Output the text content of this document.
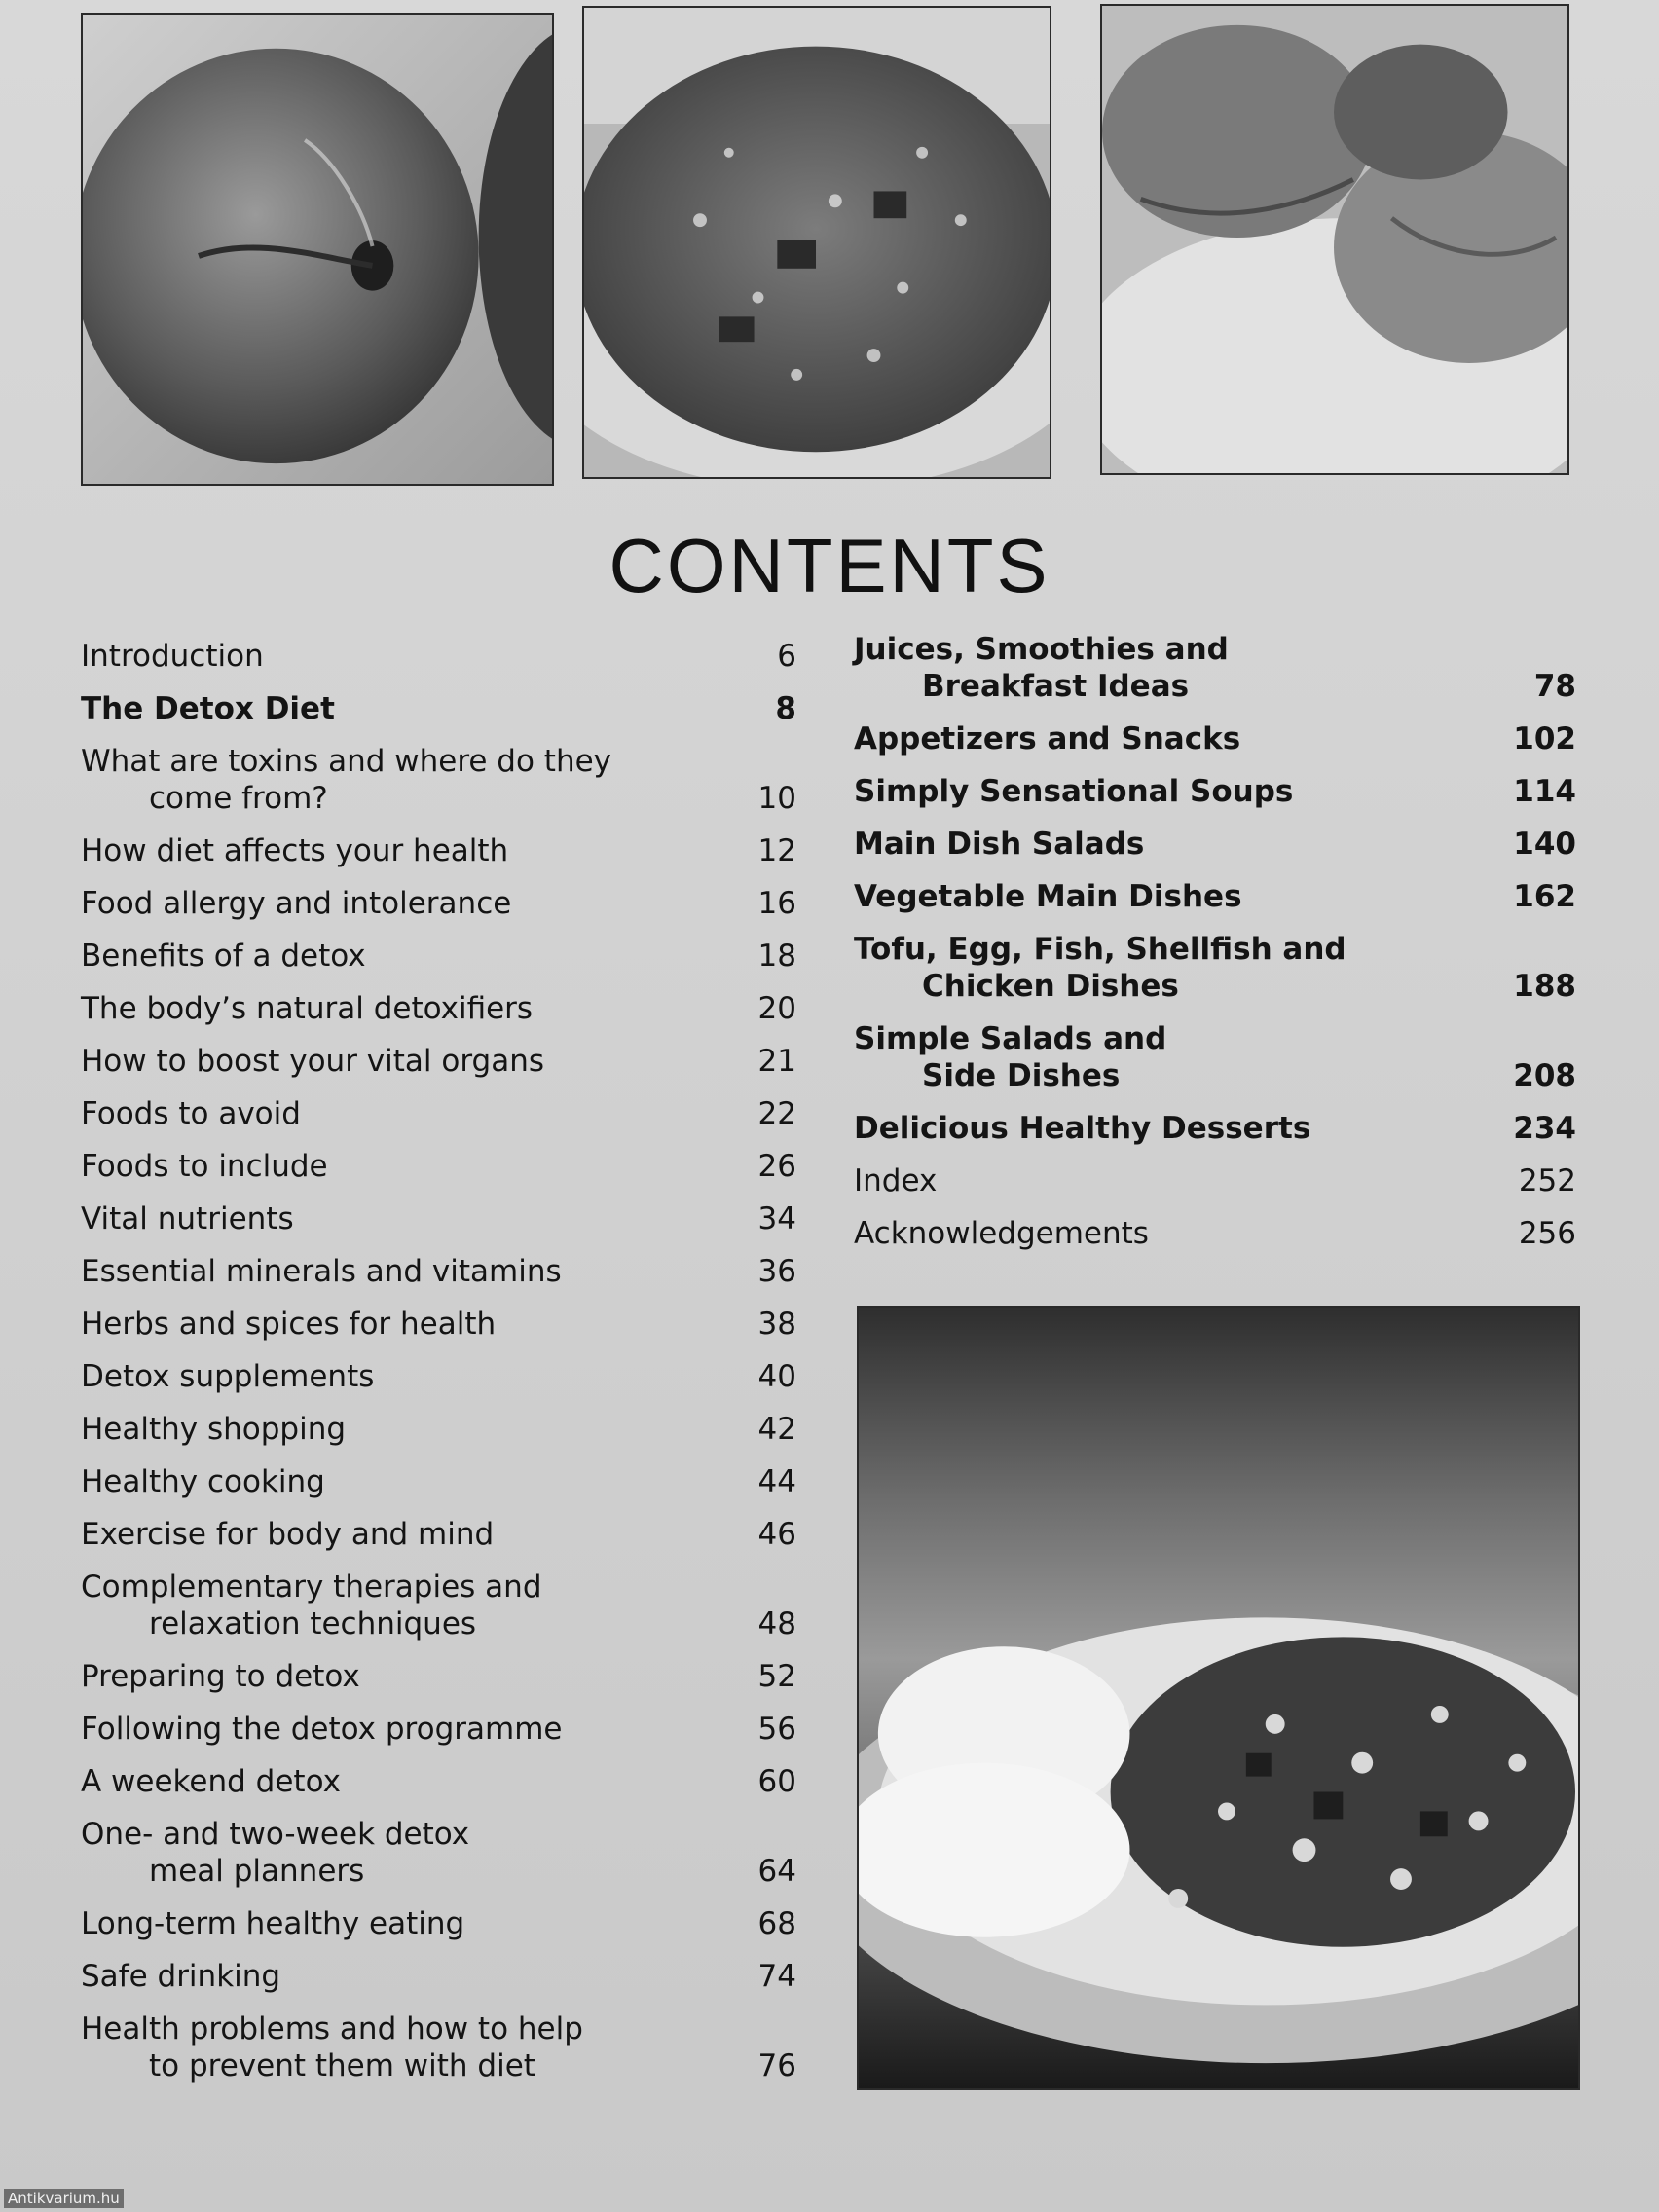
CONTENTS
Introduction	6
The Detox Diet	8
What are toxins and where do they
come from?	10
How diet affects your health	12
Food allergy and intolerance	16
Benefits of a detox	18
The body’s natural detoxifiers	20
How to boost your vital organs	21
Foods to avoid	22
Foods to include	26
Vital nutrients	34
Essential minerals and vitamins	36
Herbs and spices for health	38
Detox supplements	40
Healthy shopping	42
Healthy cooking	44
Exercise for body and mind	46
Complementary therapies and
relaxation techniques	48
Preparing to detox	52
Following the detox programme	56
A weekend detox	60
One- and two-week detox
meal planners	64
Long-term healthy eating	68
Safe drinking	74
Health problems and how to help
to prevent them with diet	76
Juices, Smoothies and
Breakfast Ideas	78
Appetizers and Snacks	102
Simply Sensational Soups	114
Main Dish Salads	140
Vegetable Main Dishes	162
Tofu, Egg, Fish, Shellfish and
Chicken Dishes	188
Simple Salads and
Side Dishes	208
Delicious Healthy Desserts	234
Index	252
Acknowledgements	256
Antikvarium.hu
